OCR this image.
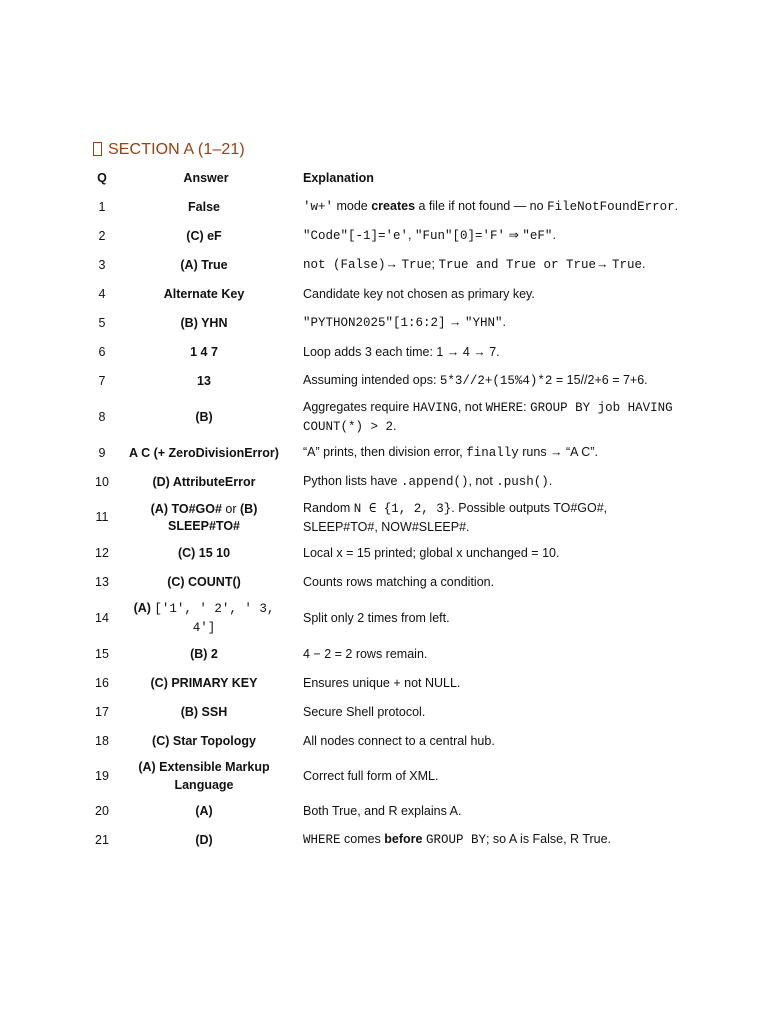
SECTION A (1–21)
Q	Answer	Explanation
1	False	'w+' mode creates a file if not found — no FileNotFoundError.
2	(C) eF	"Code"[-1]='e', "Fun"[0]='F' ⇒ "eF".
3	(A) True	not (False)→ True; True and True or True→ True.
4	Alternate Key	Candidate key not chosen as primary key.
5	(B) YHN	"PYTHON2025"[1:6:2] → "YHN".
6	1 4 7	Loop adds 3 each time: 1 → 4 → 7.
7	13	Assuming intended ops: 5*3//2+(15%4)*2 = 15//2+6 = 7+6.
8	(B)	Aggregates require HAVING, not WHERE: GROUP BY job HAVING COUNT(*) > 2.
9	A C (+ ZeroDivisionError)	“A” prints, then division error, finally runs → “A C”.
10	(D) AttributeError	Python lists have .append(), not .push().
11	(A) TO#GO# or (B) SLEEP#TO#	Random N ∈ {1, 2, 3}. Possible outputs TO#GO#, SLEEP#TO#, NOW#SLEEP#.
12	(C) 15 10	Local x = 15 printed; global x unchanged = 10.
13	(C) COUNT()	Counts rows matching a condition.
14	(A) ['1', ' 2', ' 3, 4']	Split only 2 times from left.
15	(B) 2	4 − 2 = 2 rows remain.
16	(C) PRIMARY KEY	Ensures unique + not NULL.
17	(B) SSH	Secure Shell protocol.
18	(C) Star Topology	All nodes connect to a central hub.
19	(A) Extensible Markup Language	Correct full form of XML.
20	(A)	Both True, and R explains A.
21	(D)	WHERE comes before GROUP BY; so A is False, R True.
